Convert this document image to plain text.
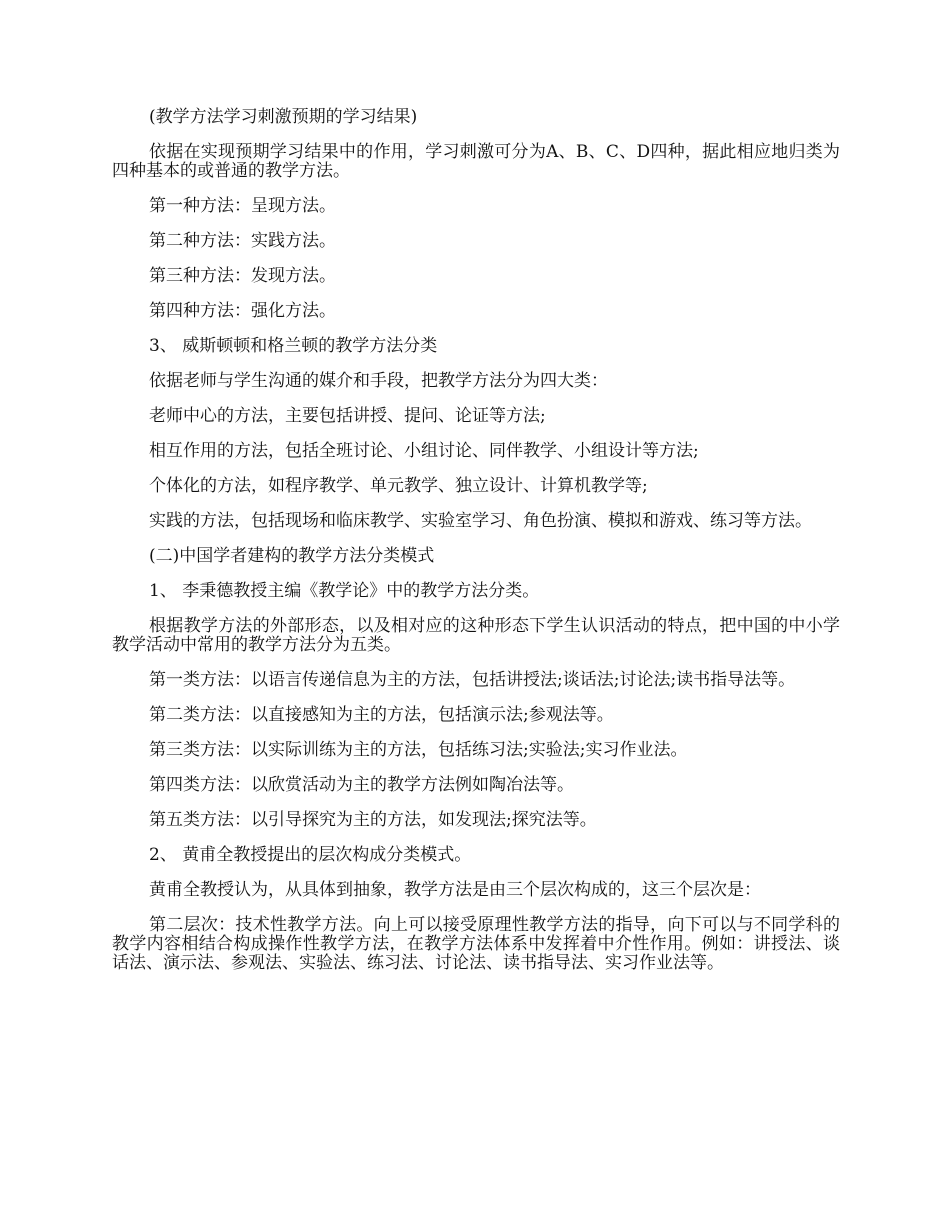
(教学方法学习刺激预期的学习结果)

依据在实现预期学习结果中的作用，学习刺激可分为A、B、C、D四种，据此相应地归类为四种基本的或普通的教学方法。

第一种方法：呈现方法。

第二种方法：实践方法。

第三种方法：发现方法。

第四种方法：强化方法。

3、 威斯顿顿和格兰顿的教学方法分类

依据老师与学生沟通的媒介和手段，把教学方法分为四大类：

老师中心的方法，主要包括讲授、提问、论证等方法;

相互作用的方法，包括全班讨论、小组讨论、同伴教学、小组设计等方法;

个体化的方法，如程序教学、单元教学、独立设计、计算机教学等;

实践的方法，包括现场和临床教学、实验室学习、角色扮演、模拟和游戏、练习等方法。

(二)中国学者建构的教学方法分类模式

1、 李秉德教授主编《教学论》中的教学方法分类。

根据教学方法的外部形态，以及相对应的这种形态下学生认识活动的特点，把中国的中小学教学活动中常用的教学方法分为五类。

第一类方法：以语言传递信息为主的方法，包括讲授法;谈话法;讨论法;读书指导法等。

第二类方法：以直接感知为主的方法，包括演示法;参观法等。

第三类方法：以实际训练为主的方法，包括练习法;实验法;实习作业法。

第四类方法：以欣赏活动为主的教学方法例如陶冶法等。

第五类方法：以引导探究为主的方法，如发现法;探究法等。

2、 黄甫全教授提出的层次构成分类模式。

黄甫全教授认为，从具体到抽象，教学方法是由三个层次构成的，这三个层次是：

第二层次：技术性教学方法。向上可以接受原理性教学方法的指导，向下可以与不同学科的教学内容相结合构成操作性教学方法，在教学方法体系中发挥着中介性作用。例如：讲授法、谈话法、演示法、参观法、实验法、练习法、讨论法、读书指导法、实习作业法等。
